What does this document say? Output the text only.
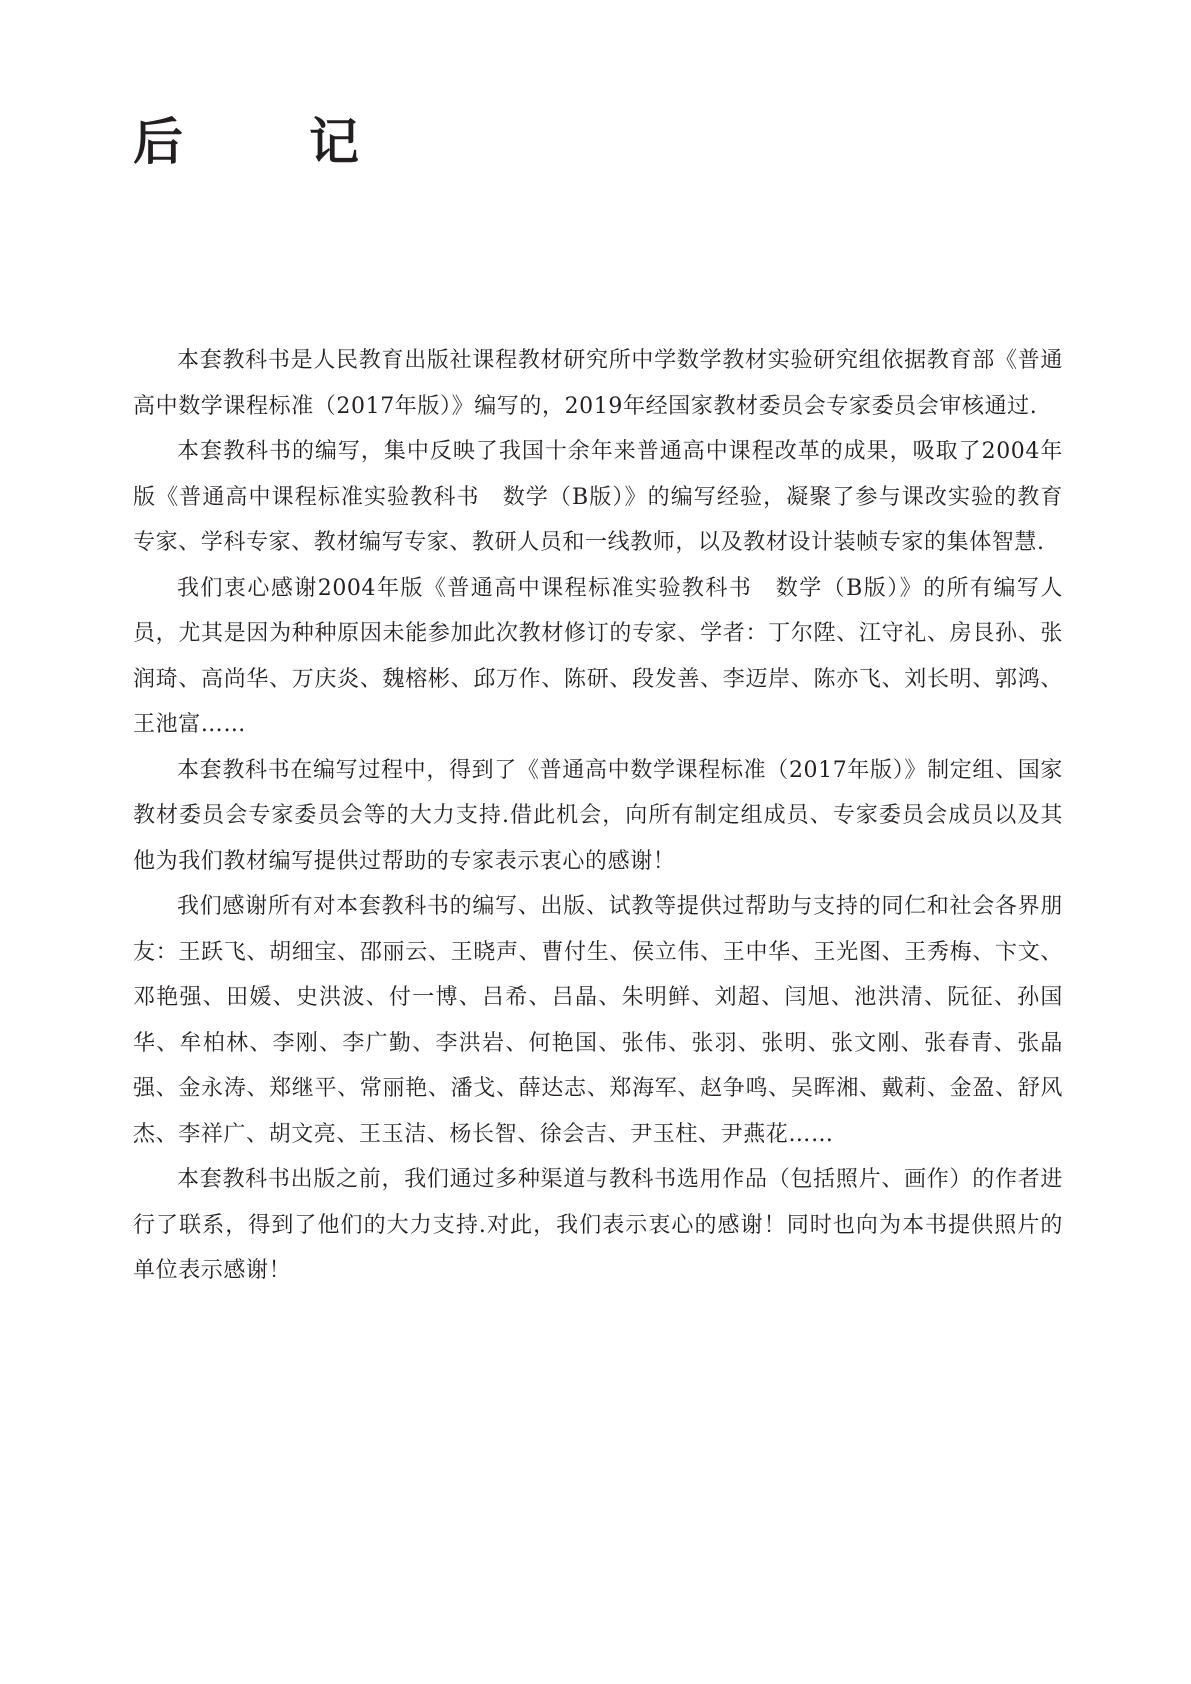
后　记

本套教科书是人民教育出版社课程教材研究所中学数学教材实验研究组依据教育部《普通高中数学课程标准（2017年版）》编写的，2019年经国家教材委员会专家委员会审核通过.

本套教科书的编写，集中反映了我国十余年来普通高中课程改革的成果，吸取了2004年版《普通高中课程标准实验教科书　数学（B版）》的编写经验，凝聚了参与课改实验的教育专家、学科专家、教材编写专家、教研人员和一线教师，以及教材设计装帧专家的集体智慧.

我们衷心感谢2004年版《普通高中课程标准实验教科书　数学（B版）》的所有编写人员，尤其是因为种种原因未能参加此次教材修订的专家、学者：丁尔陞、江守礼、房艮孙、张润琦、高尚华、万庆炎、魏榕彬、邱万作、陈研、段发善、李迈岸、陈亦飞、刘长明、郭鸿、王池富……

本套教科书在编写过程中，得到了《普通高中数学课程标准（2017年版）》制定组、国家教材委员会专家委员会等的大力支持.借此机会，向所有制定组成员、专家委员会成员以及其他为我们教材编写提供过帮助的专家表示衷心的感谢！

我们感谢所有对本套教科书的编写、出版、试教等提供过帮助与支持的同仁和社会各界朋友：王跃飞、胡细宝、邵丽云、王晓声、曹付生、侯立伟、王中华、王光图、王秀梅、卞文、邓艳强、田媛、史洪波、付一博、吕希、吕晶、朱明鲜、刘超、闫旭、池洪清、阮征、孙国华、牟柏林、李刚、李广勤、李洪岩、何艳国、张伟、张羽、张明、张文刚、张春青、张晶强、金永涛、郑继平、常丽艳、潘戈、薛达志、郑海军、赵争鸣、吴晖湘、戴莉、金盈、舒风杰、李祥广、胡文亮、王玉洁、杨长智、徐会吉、尹玉柱、尹燕花……

本套教科书出版之前，我们通过多种渠道与教科书选用作品（包括照片、画作）的作者进行了联系，得到了他们的大力支持.对此，我们表示衷心的感谢！同时也向为本书提供照片的单位表示感谢！
